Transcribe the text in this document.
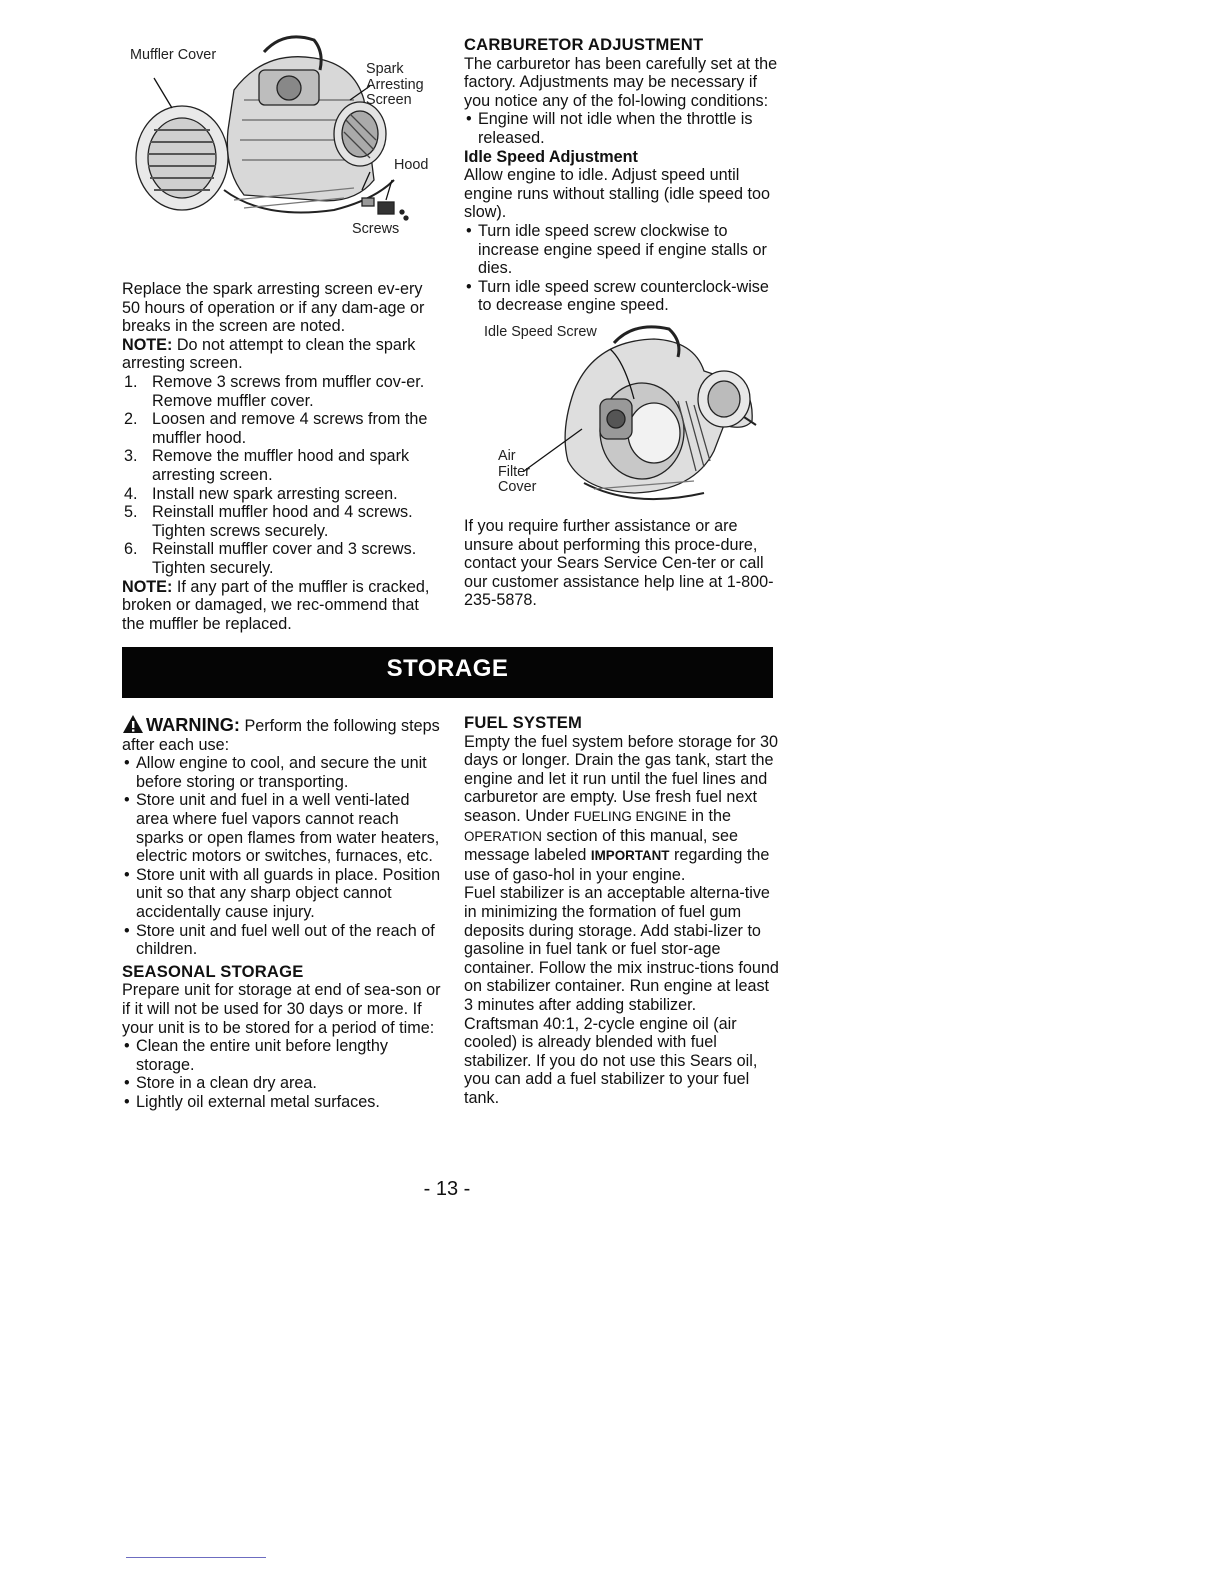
Muffler Cover
Spark
Arresting
Screen
Hood
Screws

Replace the spark arresting screen ev-ery 50 hours of operation or if any dam-age or breaks in the screen are noted.

NOTE: Do not attempt to clean the spark arresting screen.

1. Remove 3 screws from muffler cov-er. Remove muffler cover.
2. Loosen and remove 4 screws from the muffler hood.
3. Remove the muffler hood and spark arresting screen.
4. Install new spark arresting screen.
5. Reinstall muffler hood and 4 screws. Tighten screws securely.
6. Reinstall muffler cover and 3 screws. Tighten securely.

NOTE: If any part of the muffler is cracked, broken or damaged, we rec-ommend that the muffler be replaced.

CARBURETOR ADJUSTMENT

The carburetor has been carefully set at the factory. Adjustments may be necessary if you notice any of the fol-lowing conditions:

• Engine will not idle when the throttle is released.

Idle Speed Adjustment

Allow engine to idle. Adjust speed until engine runs without stalling (idle speed too slow).

• Turn idle speed screw clockwise to increase engine speed if engine stalls or dies.
• Turn idle speed screw counterclock-wise to decrease engine speed.
Idle Speed Screw
Air
Filter
Cover

If you require further assistance or are unsure about performing this proce-dure, contact your Sears Service Cen-ter or call our customer assistance help line at 1-800-235-5878.

STORAGE

WARNING: Perform the following steps after each use:

• Allow engine to cool, and secure the unit before storing or transporting.
• Store unit and fuel in a well venti-lated area where fuel vapors cannot reach sparks or open flames from water heaters, electric motors or switches, furnaces, etc.
• Store unit with all guards in place. Position unit so that any sharp object cannot accidentally cause injury.
• Store unit and fuel well out of the reach of children.

SEASONAL STORAGE

Prepare unit for storage at end of sea-son or if it will not be used for 30 days or more. If your unit is to be stored for a period of time:

• Clean the entire unit before lengthy storage.
• Store in a clean dry area.
• Lightly oil external metal surfaces.

FUEL SYSTEM

Empty the fuel system before storage for 30 days or longer. Drain the gas tank, start the engine and let it run until the fuel lines and carburetor are empty. Use fresh fuel next season. Under FUELING ENGINE in the OPERATION section of this manual, see message labeled IMPORTANT regarding the use of gaso-hol in your engine.

Fuel stabilizer is an acceptable alterna-tive in minimizing the formation of fuel gum deposits during storage. Add stabi-lizer to gasoline in fuel tank or fuel stor-age container. Follow the mix instruc-tions found on stabilizer container. Run engine at least 3 minutes after adding stabilizer.

Craftsman 40:1, 2-cycle engine oil (air cooled) is already blended with fuel stabilizer. If you do not use this Sears oil, you can add a fuel stabilizer to your fuel tank.

- 13 -
